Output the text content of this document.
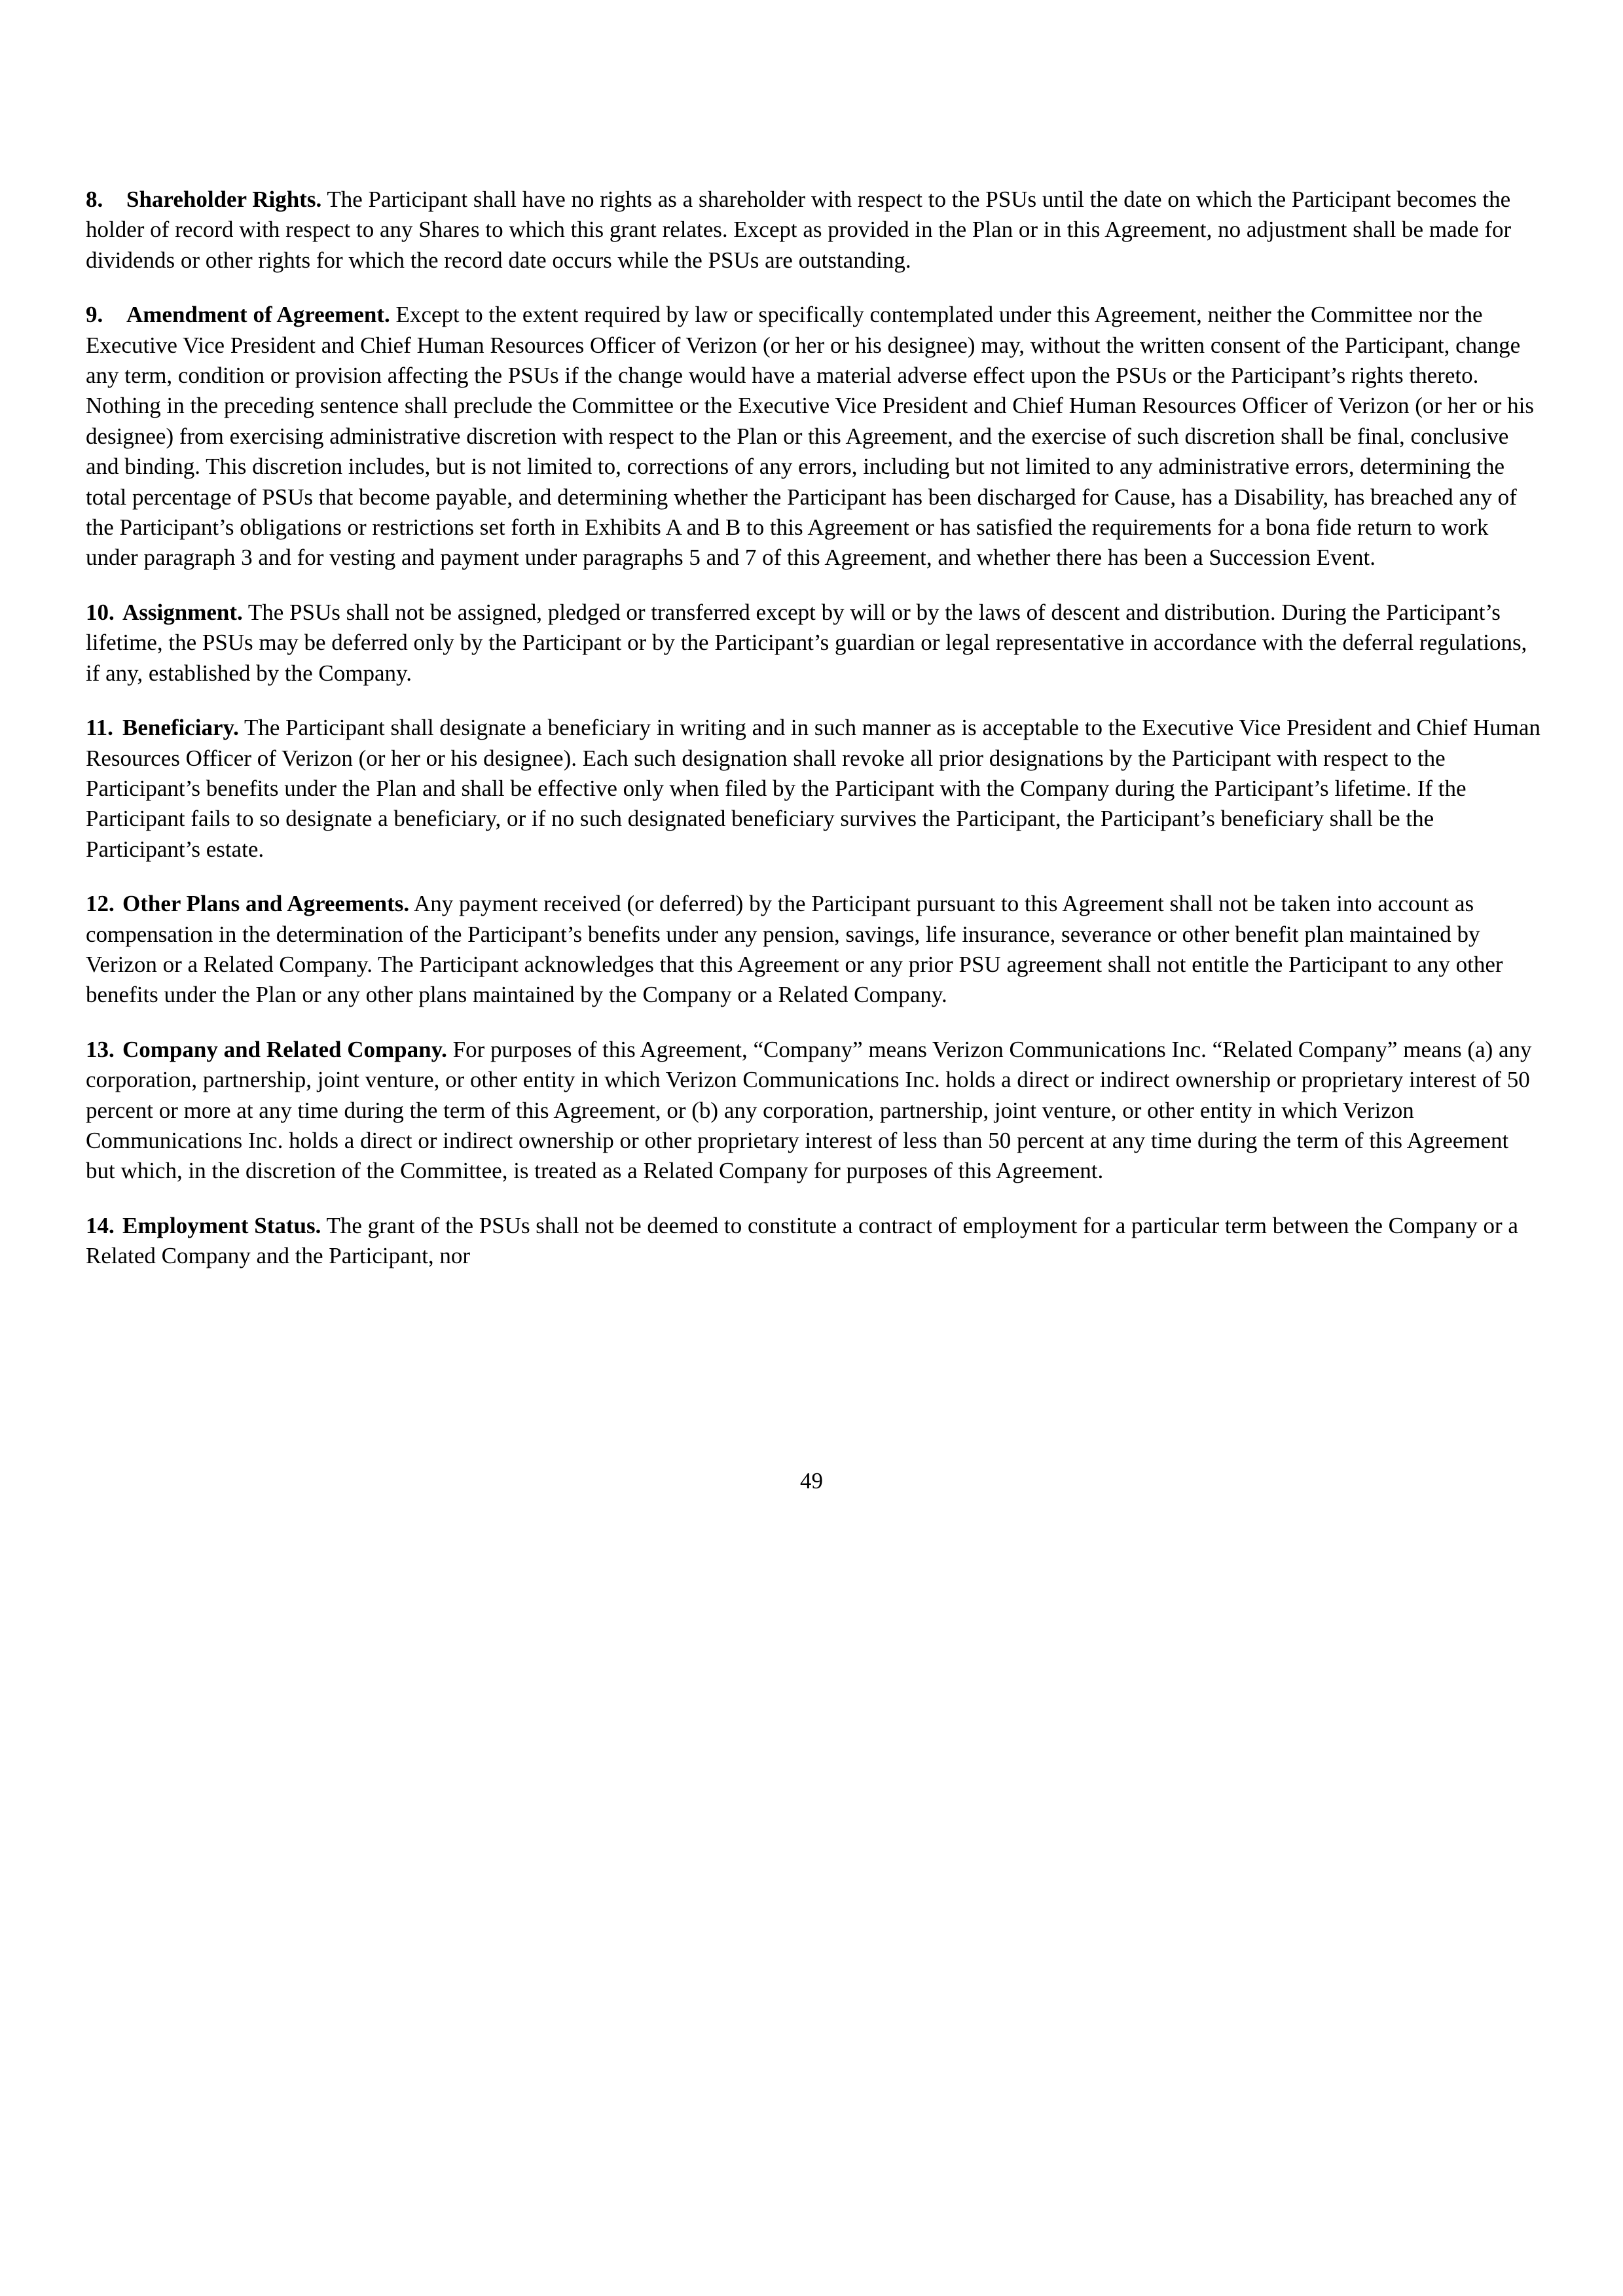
8. Shareholder Rights. The Participant shall have no rights as a shareholder with respect to the PSUs until the date on which the Participant becomes the holder of record with respect to any Shares to which this grant relates. Except as provided in the Plan or in this Agreement, no adjustment shall be made for dividends or other rights for which the record date occurs while the PSUs are outstanding.

9. Amendment of Agreement. Except to the extent required by law or specifically contemplated under this Agreement, neither the Committee nor the Executive Vice President and Chief Human Resources Officer of Verizon (or her or his designee) may, without the written consent of the Participant, change any term, condition or provision affecting the PSUs if the change would have a material adverse effect upon the PSUs or the Participant’s rights thereto. Nothing in the preceding sentence shall preclude the Committee or the Executive Vice President and Chief Human Resources Officer of Verizon (or her or his designee) from exercising administrative discretion with respect to the Plan or this Agreement, and the exercise of such discretion shall be final, conclusive and binding. This discretion includes, but is not limited to, corrections of any errors, including but not limited to any administrative errors, determining the total percentage of PSUs that become payable, and determining whether the Participant has been discharged for Cause, has a Disability, has breached any of the Participant’s obligations or restrictions set forth in Exhibits A and B to this Agreement or has satisfied the requirements for a bona fide return to work under paragraph 3 and for vesting and payment under paragraphs 5 and 7 of this Agreement, and whether there has been a Succession Event.

10. Assignment. The PSUs shall not be assigned, pledged or transferred except by will or by the laws of descent and distribution. During the Participant’s lifetime, the PSUs may be deferred only by the Participant or by the Participant’s guardian or legal representative in accordance with the deferral regulations, if any, established by the Company.

11. Beneficiary. The Participant shall designate a beneficiary in writing and in such manner as is acceptable to the Executive Vice President and Chief Human Resources Officer of Verizon (or her or his designee). Each such designation shall revoke all prior designations by the Participant with respect to the Participant’s benefits under the Plan and shall be effective only when filed by the Participant with the Company during the Participant’s lifetime. If the Participant fails to so designate a beneficiary, or if no such designated beneficiary survives the Participant, the Participant’s beneficiary shall be the Participant’s estate.

12. Other Plans and Agreements. Any payment received (or deferred) by the Participant pursuant to this Agreement shall not be taken into account as compensation in the determination of the Participant’s benefits under any pension, savings, life insurance, severance or other benefit plan maintained by Verizon or a Related Company. The Participant acknowledges that this Agreement or any prior PSU agreement shall not entitle the Participant to any other benefits under the Plan or any other plans maintained by the Company or a Related Company.

13. Company and Related Company. For purposes of this Agreement, “Company” means Verizon Communications Inc. “Related Company” means (a) any corporation, partnership, joint venture, or other entity in which Verizon Communications Inc. holds a direct or indirect ownership or proprietary interest of 50 percent or more at any time during the term of this Agreement, or (b) any corporation, partnership, joint venture, or other entity in which Verizon Communications Inc. holds a direct or indirect ownership or other proprietary interest of less than 50 percent at any time during the term of this Agreement but which, in the discretion of the Committee, is treated as a Related Company for purposes of this Agreement.

14. Employment Status. The grant of the PSUs shall not be deemed to constitute a contract of employment for a particular term between the Company or a Related Company and the Participant, nor

49
